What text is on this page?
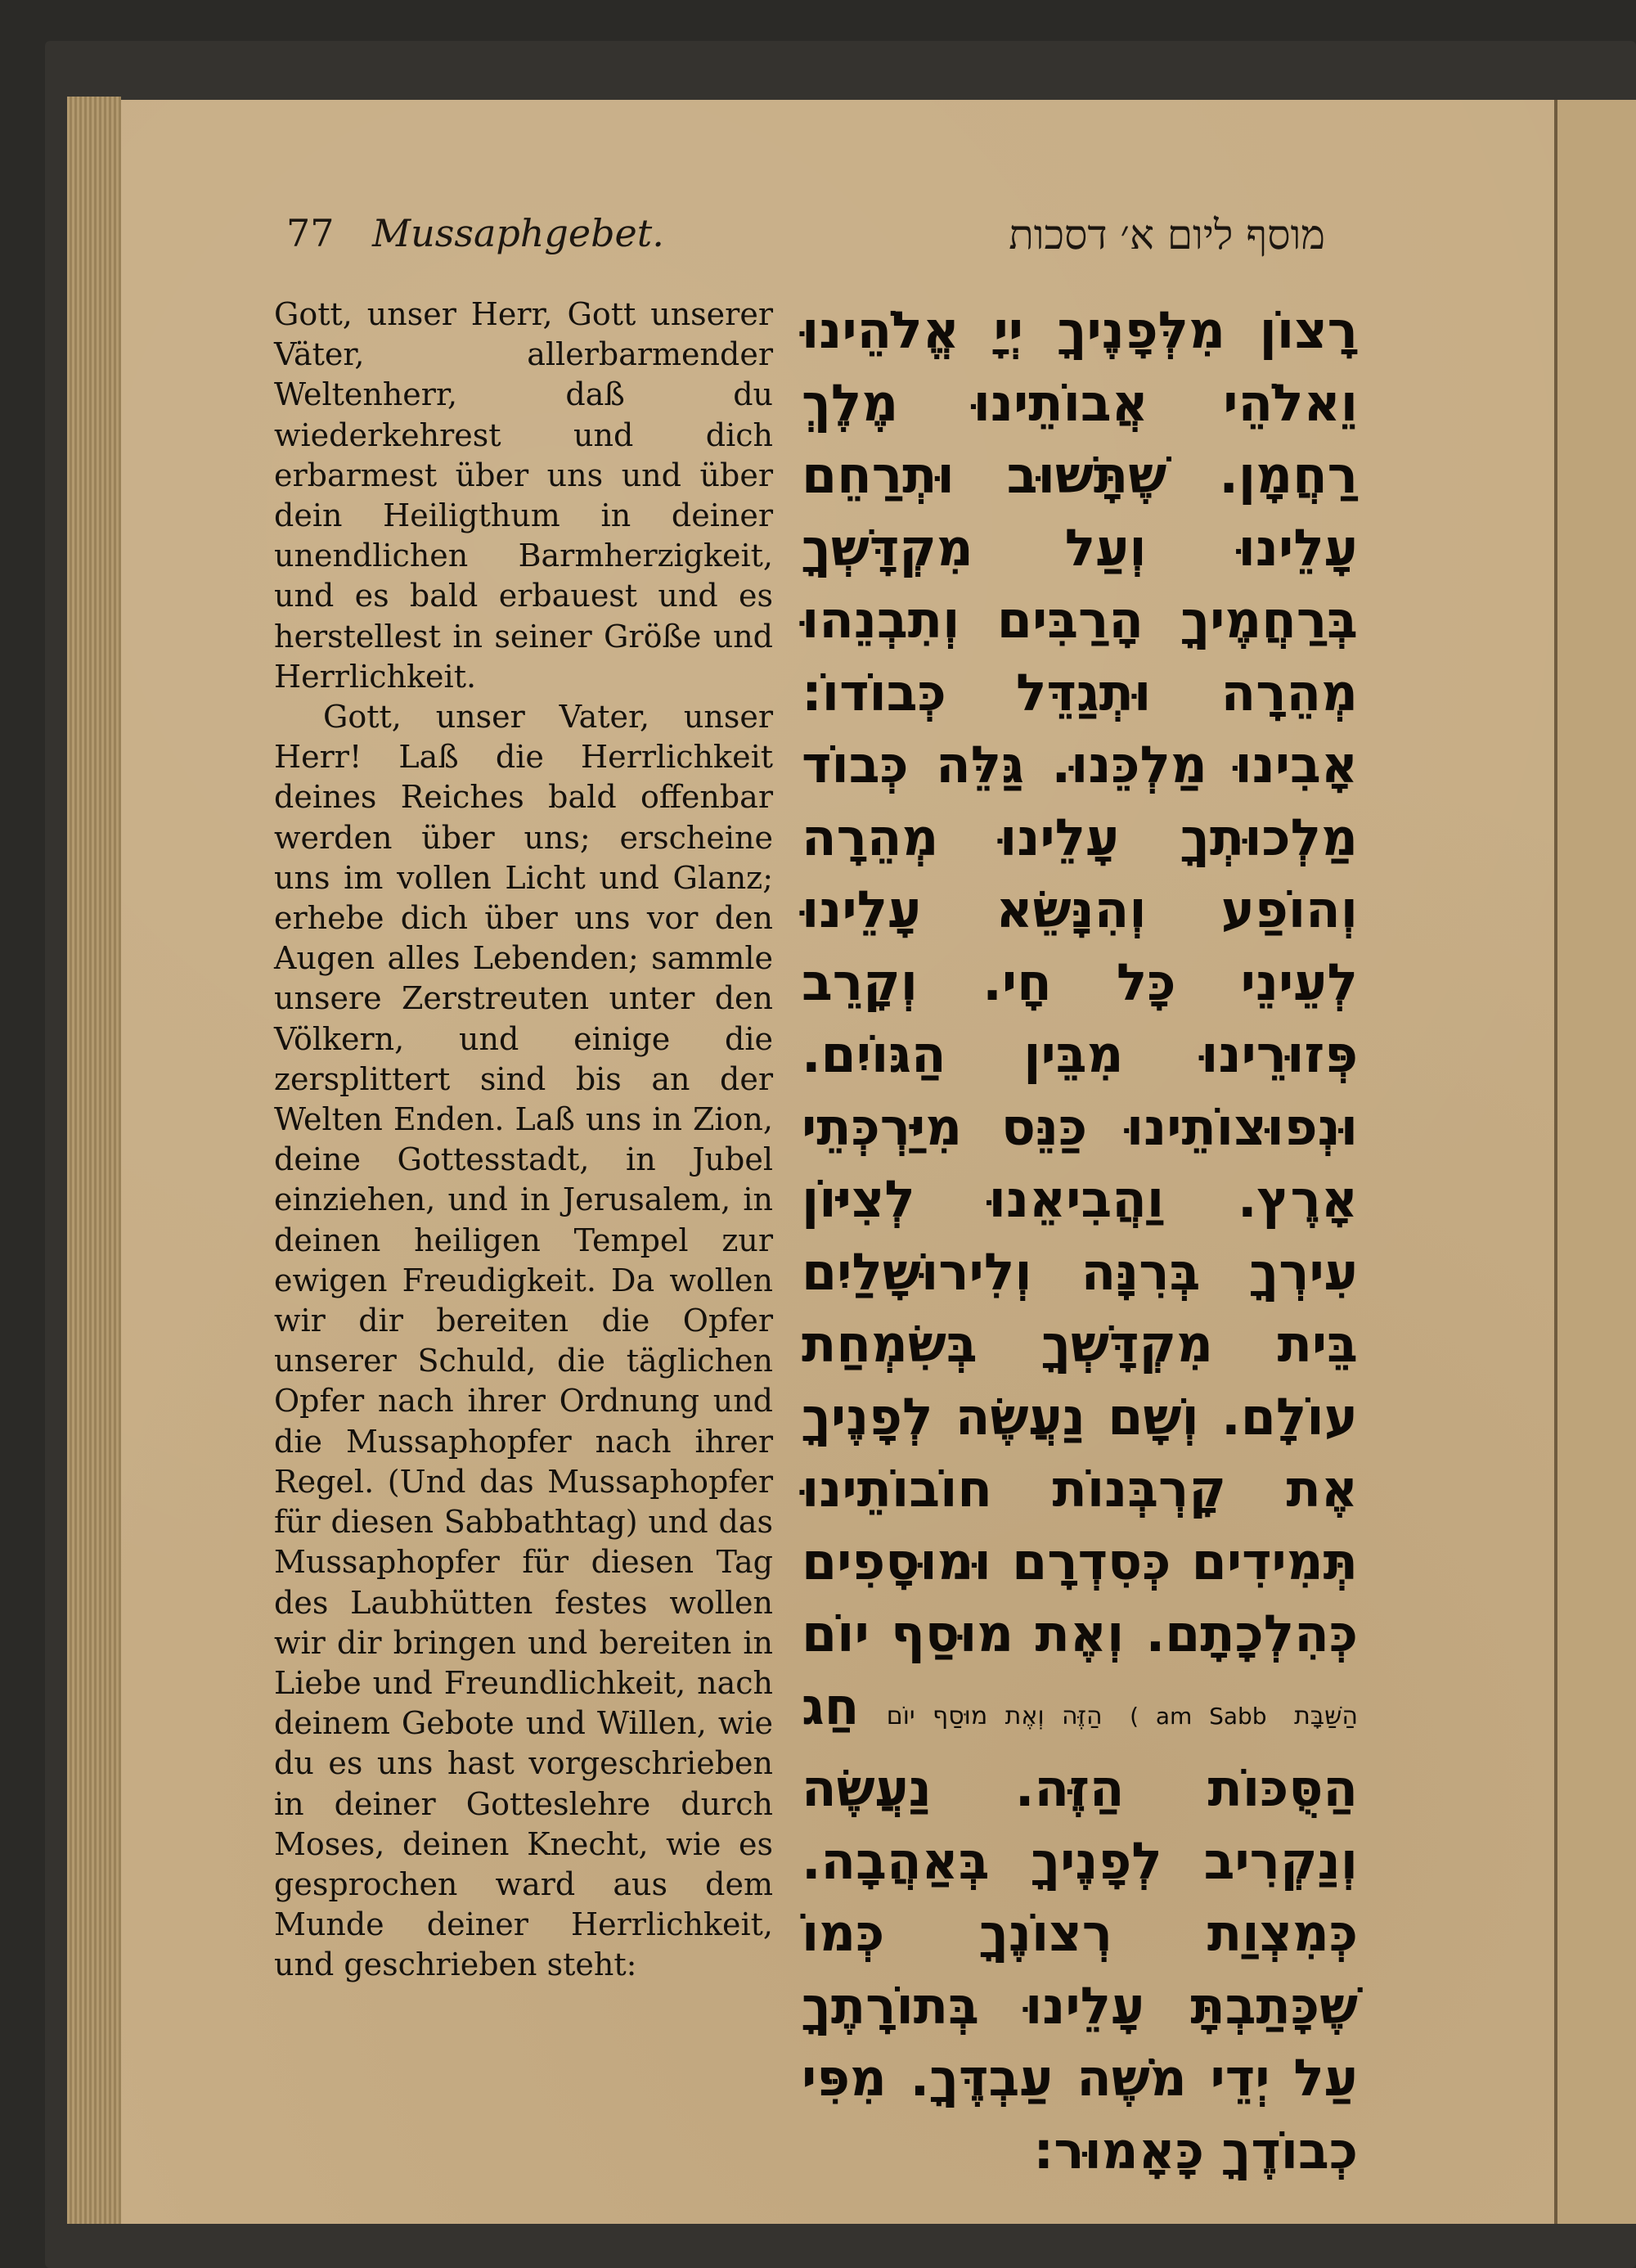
77 Mussaphgebet.	מוסף ליום א׳ דסכות

Gott, unser Herr, Gott unserer Väter, allerbarmender Weltenherr, daß du wiederkehrest und dich erbarmest über uns und über dein Heiligthum in deiner unendlichen Barmherzigkeit, und es bald erbauest und es herstellest in seiner Größe und Herrlichkeit.

Gott, unser Vater, unser Herr! Laß die Herrlichkeit deines Reiches bald offenbar werden über uns; erscheine uns im vollen Licht und Glanz; erhebe dich über uns vor den Augen alles Lebenden; sammle unsere Zerstreuten unter den Völkern, und einige die zersplittert sind bis an der Welten Enden. Laß uns in Zion, deine Gottesstadt, in Jubel einziehen, und in Jerusalem, in deinen heiligen Tempel zur ewigen Freudigkeit. Da wollen wir dir bereiten die Opfer unserer Schuld, die täglichen Opfer nach ihrer Ordnung und die Mussaphopfer nach ihrer Regel. (Und das Mussaphopfer für diesen Sabbathtag) und das Mussaphopfer für diesen Tag des Laubhütten festes wollen wir dir bringen und bereiten in Liebe und Freundlichkeit, nach deinem Gebote und Willen, wie du es uns hast vorgeschrieben in deiner Gotteslehre durch Moses, deinen Knecht, wie es gesprochen ward aus dem Munde deiner Herrlichkeit, und geschrieben steht:

רָצוֹן מִלְּפָנֶיךָ יְיָ אֱלֹהֵינוּ וֵאלֹהֵי אֲבוֹתֵינוּ מֶלֶךְ רַחֲמָן. שֶׁתָּשׁוּב וּתְרַחֵם עָלֵינוּ וְעַל מִקְדָּשְׁךָ בְּרַחֲמֶיךָ הָרַבִּים וְתִבְנֵהוּ מְהֵרָה וּתְגַדֵּל כְּבוֹדוֹ: אָבִינוּ מַלְכֵּנוּ. גַּלֵּה כְּבוֹד מַלְכוּתְךָ עָלֵינוּ מְהֵרָה וְהוֹפַע וְהִנָּשֵׂא עָלֵינוּ לְעֵינֵי כָּל חָי. וְקָרֵב פְּזוּרֵינוּ מִבֵּין הַגּוֹיִם. וּנְפוּצוֹתֵינוּ כַּנֵּס מִיַּרְכְּתֵי אָרֶץ. וַהֲבִיאֵנוּ לְצִיּוֹן עִירְךָ בְּרִנָּה וְלִירוּשָׁלַיִם בֵּית מִקְדָּשְׁךָ בְּשִׂמְחַת עוֹלָם. וְשָׁם נַעֲשֶׂה לְפָנֶיךָ אֶת קָרְבְּנוֹת חוֹבוֹתֵינוּ תְּמִידִים כְּסִדְרָם וּמוּסָפִים כְּהִלְכָתָם. וְאֶת מוּסַף יוֹם הַשַּׁבָּת ( am Sabb הַזֶּה וְאֶת מוּסַף יוֹם חַג הַסֻּכּוֹת הַזֶּה. נַעֲשֶׂה וְנַקְרִיב לְפָנֶיךָ בְּאַהֲבָה. כְּמִצְוַת רְצוֹנֶךָ כְּמוֹ שֶׁכָּתַבְתָּ עָלֵינוּ בְּתוֹרָתֶךָ עַל יְדֵי מֹשֶׁה עַבְדֶּךָ. מִפִּי כְבוֹדֶךָ כָּאָמוּר:
